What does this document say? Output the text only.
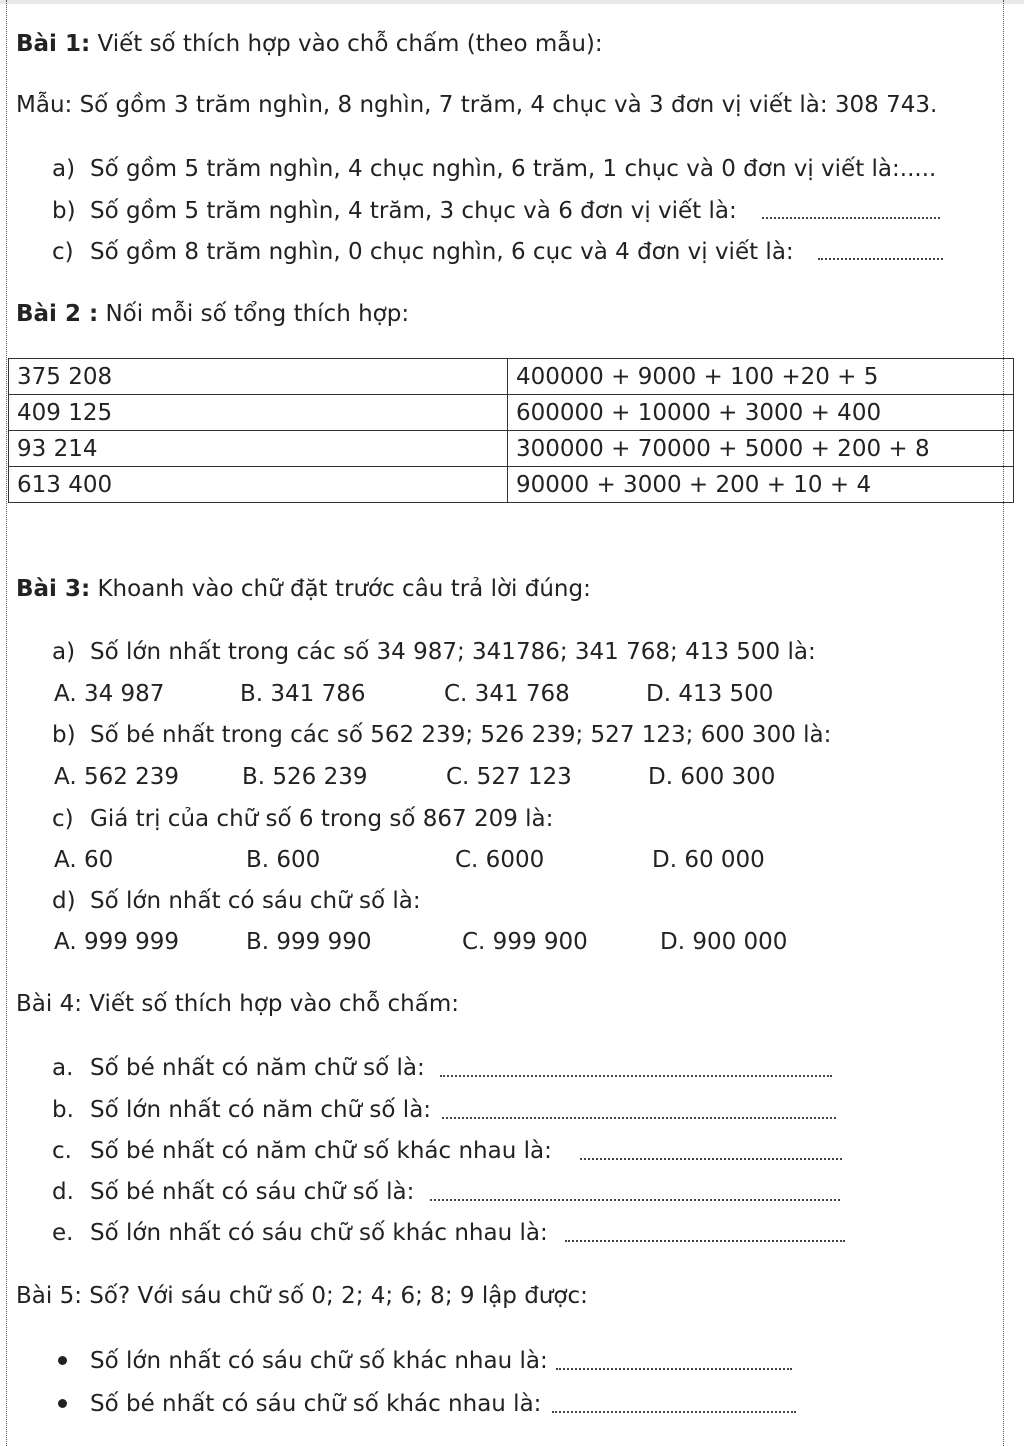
Bài 1: Viết số thích hợp vào chỗ chấm (theo mẫu):
Mẫu: Số gồm 3 trăm nghìn, 8 nghìn, 7 trăm, 4 chục và 3 đơn vị viết là: 308 743.
a) Số gồm 5 trăm nghìn, 4 chục nghìn, 6 trăm, 1 chục và 0 đơn vị viết là:.....
b) Số gồm 5 trăm nghìn, 4 trăm, 3 chục và 6 đơn vị viết là:
c) Số gồm 8 trăm nghìn, 0 chục nghìn, 6 cục và 4 đơn vị viết là:
Bài 2 : Nối mỗi số tổng thích hợp:
375 208	400000 + 9000 + 100 +20 + 5
409 125	600000 + 10000 + 3000 + 400
93 214	300000 + 70000 + 5000 + 200 + 8
613 400	90000 + 3000 + 200 + 10 + 4
Bài 3: Khoanh vào chữ đặt trước câu trả lời đúng:
a) Số lớn nhất trong các số 34 987; 341786; 341 768; 413 500 là:
A. 34 987	B. 341 786	C. 341 768	D. 413 500
b) Số bé nhất trong các số 562 239; 526 239; 527 123; 600 300 là:
A. 562 239	B. 526 239	C. 527 123	D. 600 300
c) Giá trị của chữ số 6 trong số 867 209 là:
A. 60	B. 600	C. 6000	D. 60 000
d) Số lớn nhất có sáu chữ số là:
A. 999 999	B. 999 990	C. 999 900	D. 900 000
Bài 4: Viết số thích hợp vào chỗ chấm:
a. Số bé nhất có năm chữ số là:
b. Số lớn nhất có năm chữ số là:
c. Số bé nhất có năm chữ số khác nhau là:
d. Số bé nhất có sáu chữ số là:
e. Số lớn nhất có sáu chữ số khác nhau là:
Bài 5: Số? Với sáu chữ số 0; 2; 4; 6; 8; 9 lập được:
Số lớn nhất có sáu chữ số khác nhau là:
Số bé nhất có sáu chữ số khác nhau là:
